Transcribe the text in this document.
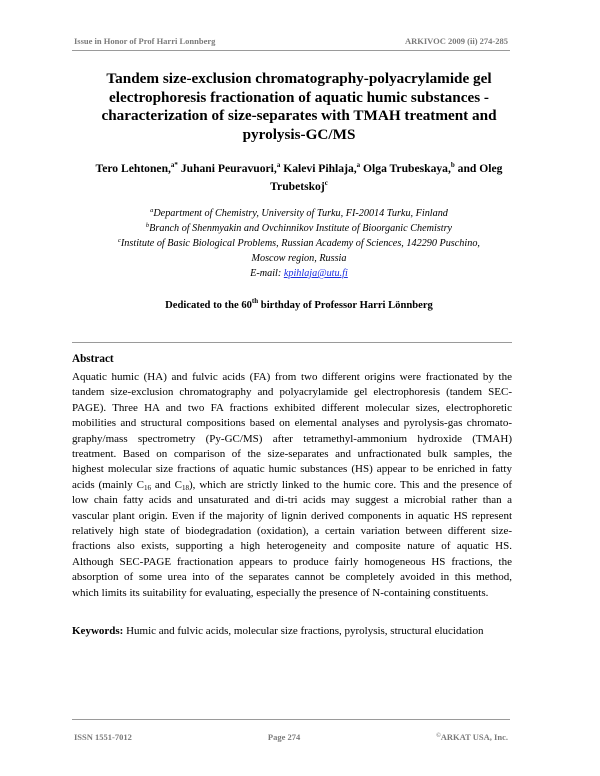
Issue in Honor of Prof Harri Lonnberg	ARKIVOC 2009 (ii) 274-285
Tandem size-exclusion chromatography-polyacrylamide gel
electrophoresis fractionation of aquatic humic substances -
characterization of size-separates with TMAH treatment and
pyrolysis-GC/MS
Tero Lehtonen,$^{a*}$ Juhani Peuravuori,$^a$ Kalevi Pihlaja,$^a$ Olga Trubeskaya,$^b$ and Oleg
Trubetskoj$^c$
$^a$Department of Chemistry, University of Turku, FI-20014 Turku, Finland
$^b$Branch of Shenmyakin and Ovchinnikov Institute of Bioorganic Chemistry
$^c$Institute of Basic Biological Problems, Russian Academy of Sciences, 142290 Puschino,
Moscow region, Russia
E-mail: kpihlaja@utu.fi
Dedicated to the 60th birthday of Professor Harri Lönnberg
Abstract
Aquatic humic (HA) and fulvic acids (FA) from two different origins were fractionated by the
tandem size-exclusion chromatography and polyacrylamide gel electrophoresis (tandem SEC-
PAGE). Three HA and two FA fractions exhibited different molecular sizes, electrophoretic
mobilities and structural compositions based on elemental analyses and pyrolysis-gas chromato-
graphy/mass spectrometry (Py-GC/MS) after tetramethyl-ammonium hydroxide (TMAH)
treatment. Based on comparison of the size-separates and unfractionated bulk samples, the
highest molecular size fractions of aquatic humic substances (HS) appear to be enriched in fatty
acids (mainly $C_{16}$ and $C_{18}$), which are strictly linked to the humic core. This and the presence of
low chain fatty acids and unsaturated and di-tri acids may suggest a microbial rather than a
vascular plant origin. Even if the majority of lignin derived components in aquatic HS represent
relatively high state of biodegradation (oxidation), a certain variation between different size-
fractions also exists, supporting a high heterogeneity and composite nature of aquatic HS.
Although SEC-PAGE fractionation appears to produce fairly homogeneous HS fractions, the
absorption of some urea into of the separates cannot be completely avoided in this method,
which limits its suitability for evaluating, especially the presence of N-containing constituents.
Keywords: Humic and fulvic acids, molecular size fractions, pyrolysis, structural elucidation
ISSN 1551-7012	Page 274	©ARKAT USA, Inc.
